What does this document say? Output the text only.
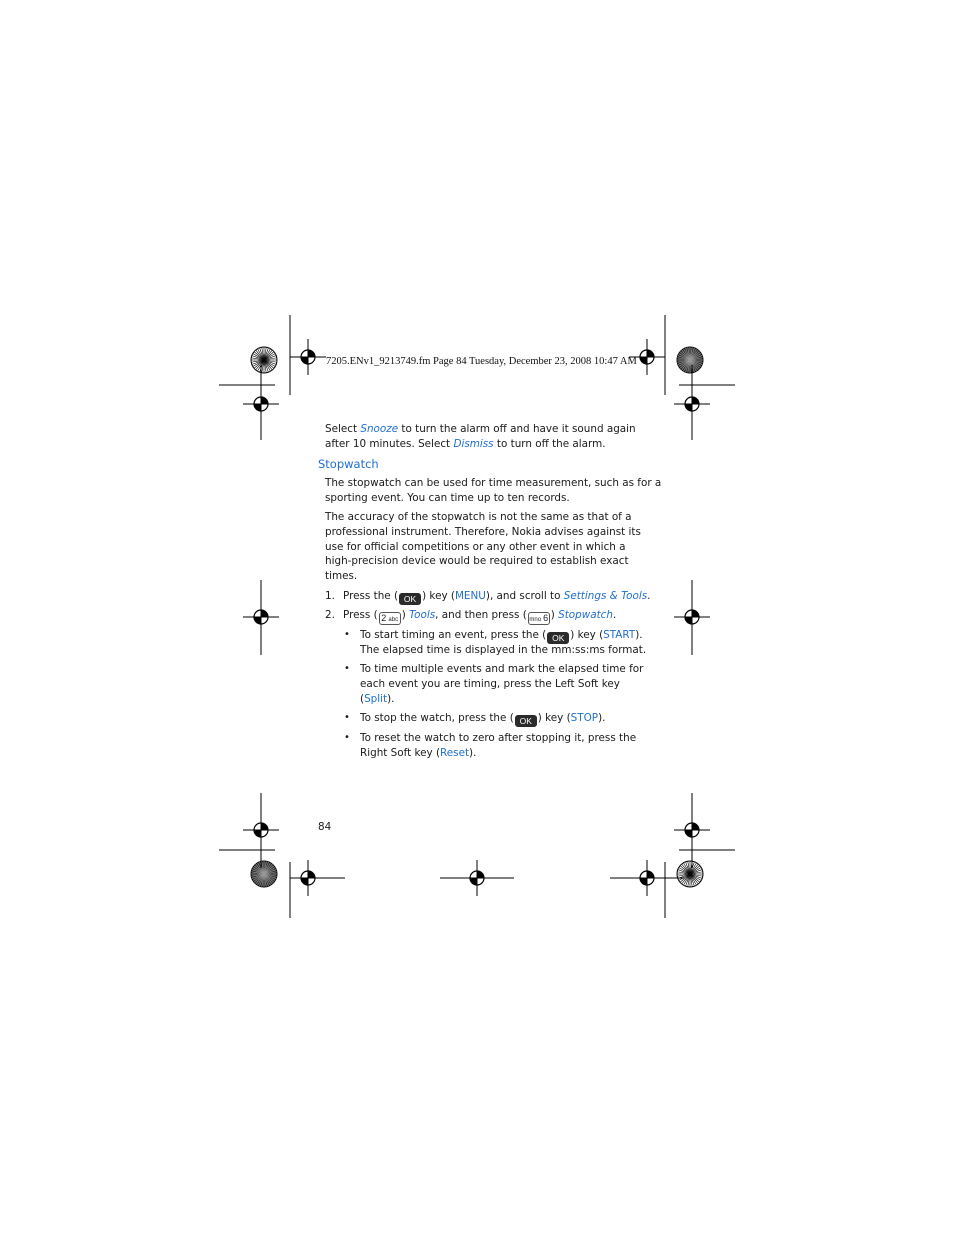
7205.ENv1_9213749.fm Page 84 Tuesday, December 23, 2008 10:47 AM
Select Snooze to turn the alarm off and have it sound again
after 10 minutes. Select Dismiss to turn off the alarm.
Stopwatch
The stopwatch can be used for time measurement, such as for a
sporting event. You can time up to ten records.
The accuracy of the stopwatch is not the same as that of a
professional instrument. Therefore, Nokia advises against its
use for official competitions or any other event in which a
high-precision device would be required to establish exact
times.
1. Press the ( OK ) key (MENU), and scroll to Settings & Tools.
2. Press ( 2 abc ) Tools, and then press ( mno 6 ) Stopwatch.
• To start timing an event, press the ( OK ) key (START).
The elapsed time is displayed in the mm:ss:ms format.
• To time multiple events and mark the elapsed time for
each event you are timing, press the Left Soft key
(Split).
• To stop the watch, press the ( OK ) key (STOP).
• To reset the watch to zero after stopping it, press the
Right Soft key (Reset).
84
